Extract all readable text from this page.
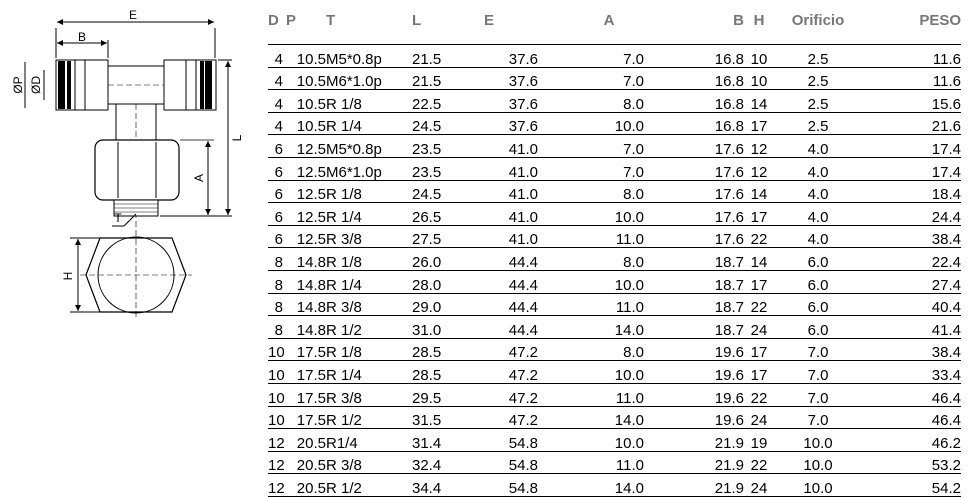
E
B
ØP ØD
L
A
T
H
D	P	T	L	E	A	B	H	Orificio	PESO

4	10.5	M5*0.8p	21.5	37.6	7.0	16.8	10	2.5	11.6
4	10.5	M6*1.0p	21.5	37.6	7.0	16.8	10	2.5	11.6
4	10.5	R 1/8	22.5	37.6	8.0	16.8	14	2.5	15.6
4	10.5	R 1/4	24.5	37.6	10.0	16.8	17	2.5	21.6
6	12.5	M5*0.8p	23.5	41.0	7.0	17.6	12	4.0	17.4
6	12.5	M6*1.0p	23.5	41.0	7.0	17.6	12	4.0	17.4
6	12.5	R 1/8	24.5	41.0	8.0	17.6	14	4.0	18.4
6	12.5	R 1/4	26.5	41.0	10.0	17.6	17	4.0	24.4
6	12.5	R 3/8	27.5	41.0	11.0	17.6	22	4.0	38.4
8	14.8	R 1/8	26.0	44.4	8.0	18.7	14	6.0	22.4
8	14.8	R 1/4	28.0	44.4	10.0	18.7	17	6.0	27.4
8	14.8	R 3/8	29.0	44.4	11.0	18.7	22	6.0	40.4
8	14.8	R 1/2	31.0	44.4	14.0	18.7	24	6.0	41.4
10	17.5	R 1/8	28.5	47.2	8.0	19.6	17	7.0	38.4
10	17.5	R 1/4	28.5	47.2	10.0	19.6	17	7.0	33.4
10	17.5	R 3/8	29.5	47.2	11.0	19.6	22	7.0	46.4
10	17.5	R 1/2	31.5	47.2	14.0	19.6	24	7.0	46.4
12	20.5	R1/4	31.4	54.8	10.0	21.9	19	10.0	46.2
12	20.5	R 3/8	32.4	54.8	11.0	21.9	22	10.0	53.2
12	20.5	R 1/2	34.4	54.8	14.0	21.9	24	10.0	54.2
